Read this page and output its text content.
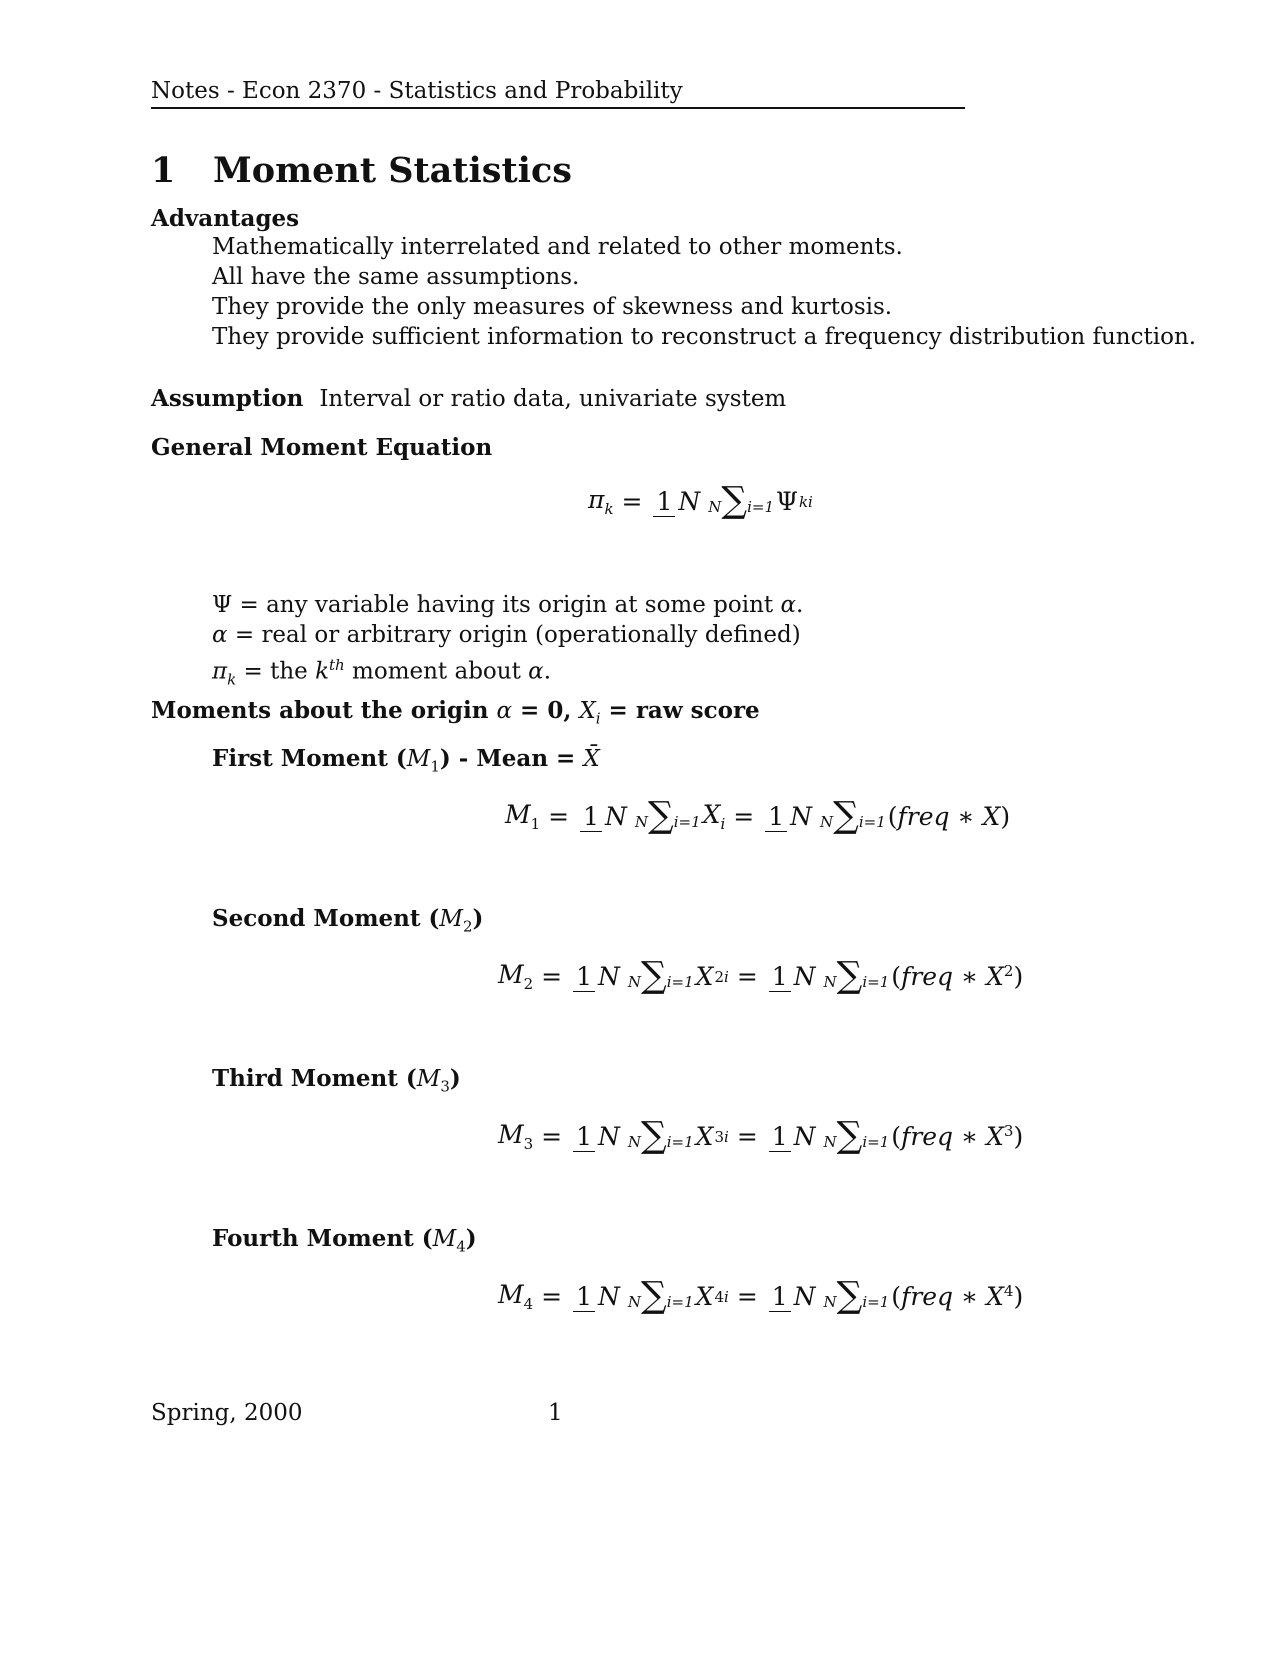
Notes - Econ 2370 - Statistics and Probability
1 Moment Statistics
Advantages
Mathematically interrelated and related to other moments.
All have the same assumptions.
They provide the only measures of skewness and kurtosis.
They provide sufficient information to reconstruct a frequency distribution function.
Assumption Interval or ratio data, univariate system
General Moment Equation
$\pi_k = 1$ N N∑i=1 Ψ ki
Ψ = any variable having its origin at some point α.
α = real or arbitrary origin (operationally defined)
$\pi_k$ = the $k^{th}$ moment about α.
Moments about the origin α = 0, $X_i$ = raw score
First Moment $(M_1)$ - Mean = X̄
$M_1 = 1$ N N∑i=1 $X_i = 1$ N N∑i=1 (freq ∗ X)
Second Moment $(M_2)$
$M_2 = 1$ N N∑i=1 X 2i = 1 N N∑i=1 (freq ∗ $X^2$)
Third Moment $(M_3)$
$M_3 = 1$ N N∑i=1 X 3i = 1 N N∑i=1 (freq ∗ $X^3$)
Fourth Moment $(M_4)$
$M_4 = 1$ N N∑i=1 X 4i = 1 N N∑i=1 (freq ∗ $X^4$)
Spring, 2000	1
